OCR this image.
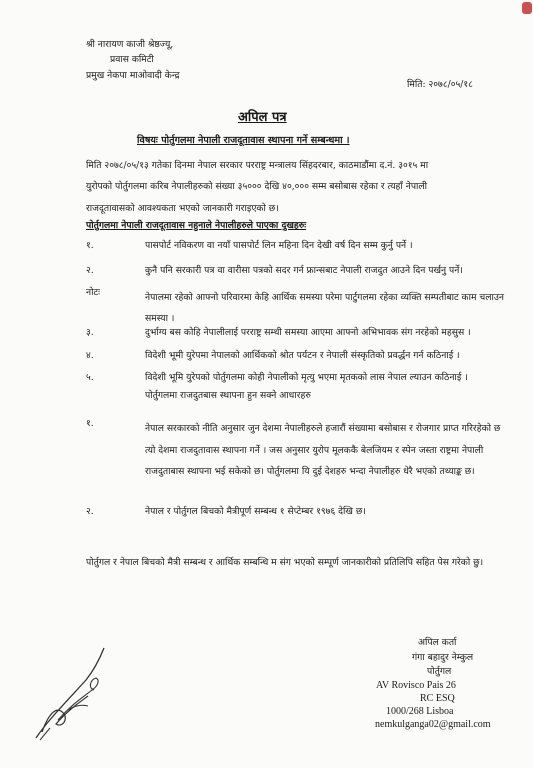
श्री नारायण काजी श्रेष्ठज्यू,
प्रवास कमिटी
प्रमुख नेकपा माओवादी केन्द्र
मिति: २०७८/०५/१८
अपिल पत्र
विषयः पोर्तुगलमा नेपाली राजदूतावास स्थापना गर्ने सम्बन्धमा ।
मिति २०७८/०५/१३ गतेका दिनमा नेपाल सरकार परराष्ट्र मन्त्रालय सिंहदरबार, काठमाडौंमा द.नं. ३०१५ मा
युरोपको पोर्तुगलमा करिब नेपालीहरुको संख्या ३५००० देखि ४०,००० सम्म बसोबास रहेका र त्यहाँ नेपाली
राजदूतावासको आवश्यकता भएको जानकारी गराइएको छ।
पोर्तुगलमा नेपाली राजदूतावास नहुनाले नेपालीहरुले पाएका दुखहरुः
१.	पासपोर्ट नविकरण वा नयाँ पासपोर्ट लिन महिना दिन देखी वर्ष दिन सम्म कुर्नु पर्ने ।
२.	कुनै पनि सरकारी पत्र वा वारीसा पत्रको सदर गर्न फ्रान्सबाट नेपाली राजदुत आउने दिन पर्खनु पर्ने।
नोटः	नेपालमा रहेको आफ्नो परिवारमा केहि आर्थिक समस्या परेमा पार्टुगलमा रहेका व्यक्ति सम्पतीबाट काम चलाउन समस्या ।
३.	दुर्भाग्य बस कोहि नेपालीलाई परराष्ट्र सम्धी समस्या आएमा आफ्नो अभिभावक संग नरहेको महसुस ।
४.	विदेशी भूमी युरेपमा नेपालको आर्थिकको श्रोत पर्यटन र नेपाली संस्कृतिको प्रवर्द्धन गर्न कठिनाई ।
५.	विदेशी भूमि युरेपको पोर्तुगलमा कोही नेपालीको मृत्यु भएमा मृतकको लास नेपाल ल्याउन कठिनाई ।
पोर्तुगलमा राजदुतबास स्थापना हुन सक्ने आधारहरु
१.	नेपाल सरकारको नीति अनुसार जुन देशमा नेपालीहरुले हजारौं संख्यामा बसोबास र रोजगार प्राप्त गरिरहेको छ त्यो देशमा राजदुतावास स्थापना गर्ने । जस अनुसार युरोप मूलककै बेलजियम र स्पेन जस्ता राष्ट्रमा नेपाली राजदुताबास स्थापना भई सकेको छ। पोर्तुगलमा यि दुई देशहरु भन्दा नेपालीहरु धेरै भएको तथ्याङ्क छ।
२.	नेपाल र पोर्तुगल बिचको मैत्रीपूर्ण सम्बन्ध १ सेप्टेम्बर १९७६ देखि छ।
पोर्तुगल र नेपाल बिचको मैत्री सम्बन्ध र आर्थिक सम्बन्धि म संग भएको सम्पूर्ण जानकारीको प्रतिलिपि सहित पेस गरेको छु।
अपिल कर्ता
गंगा बहादुर नेम्कुल
पोर्तुगल
AV Rovisco Pais 26
RC ESQ
1000/268 Lisboa
nemkulganga02@gmail.com
